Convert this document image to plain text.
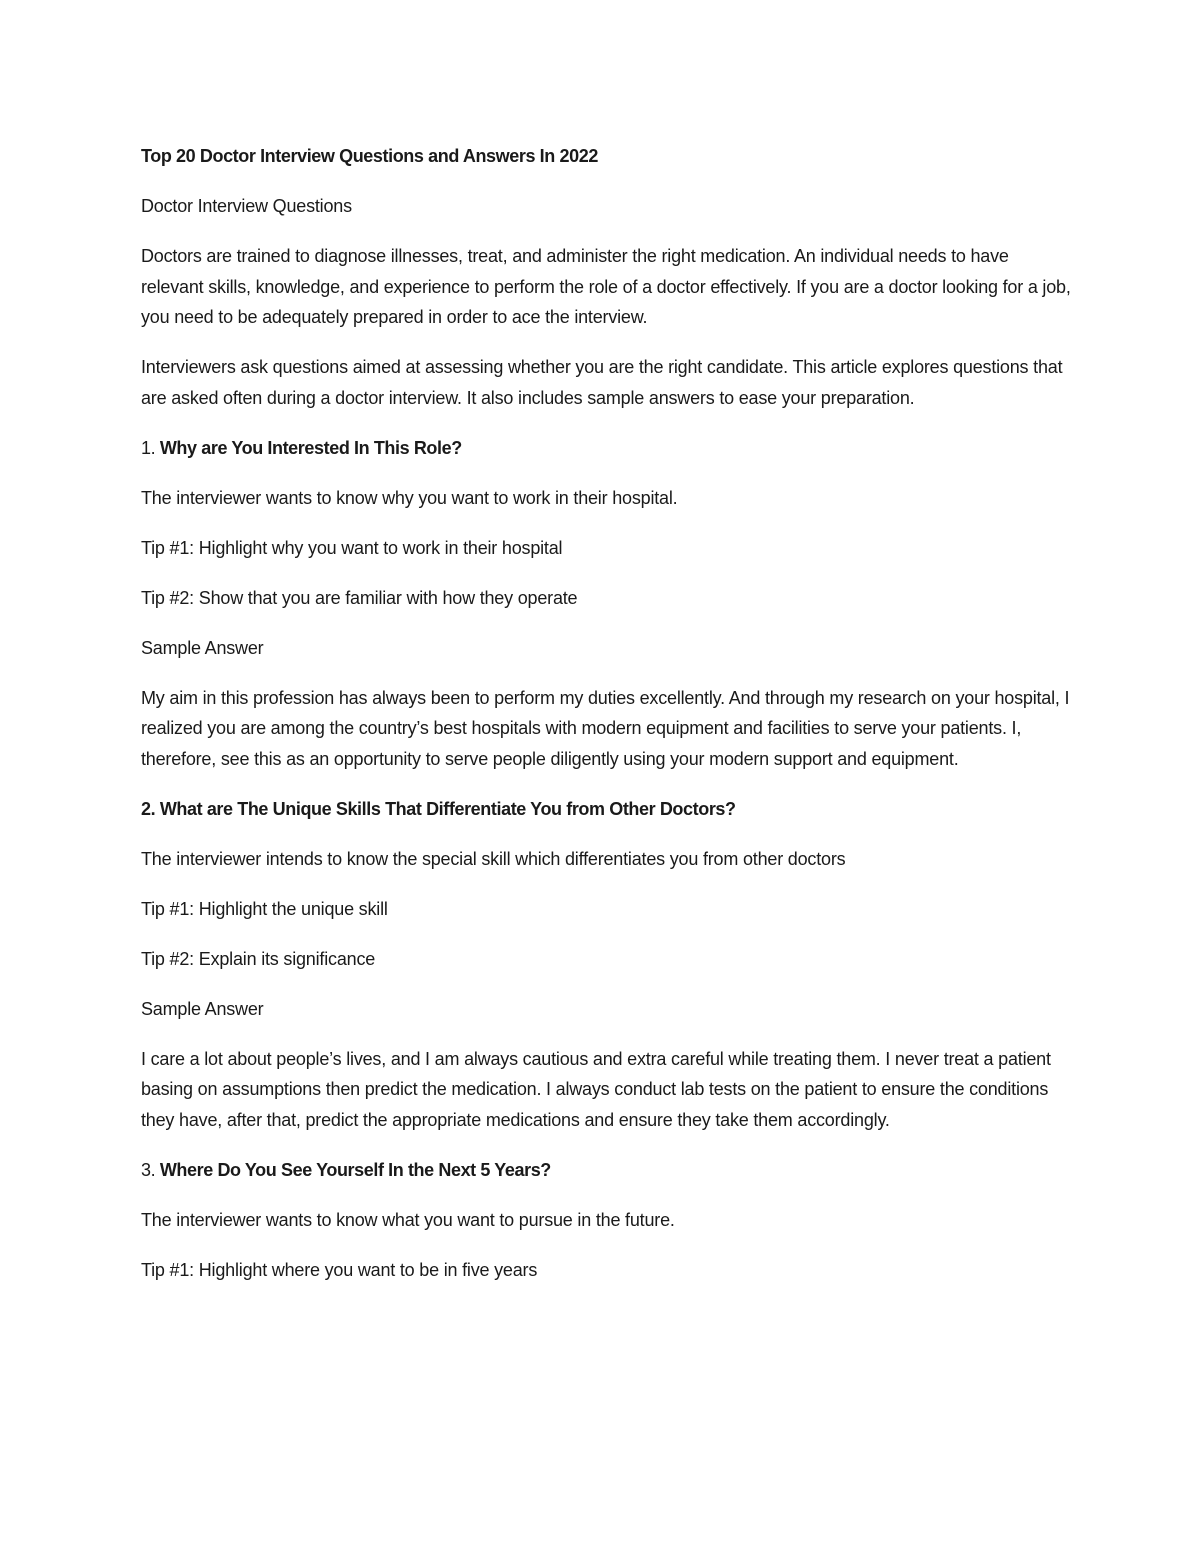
Top 20 Doctor Interview Questions and Answers In 2022

Doctor Interview Questions

Doctors are trained to diagnose illnesses, treat, and administer the right medication. An individual needs to have relevant skills, knowledge, and experience to perform the role of a doctor effectively. If you are a doctor looking for a job, you need to be adequately prepared in order to ace the interview.

Interviewers ask questions aimed at assessing whether you are the right candidate. This article explores questions that are asked often during a doctor interview. It also includes sample answers to ease your preparation.

1. Why are You Interested In This Role?

The interviewer wants to know why you want to work in their hospital.

Tip #1: Highlight why you want to work in their hospital

Tip #2: Show that you are familiar with how they operate

Sample Answer

My aim in this profession has always been to perform my duties excellently. And through my research on your hospital, I realized you are among the country’s best hospitals with modern equipment and facilities to serve your patients. I, therefore, see this as an opportunity to serve people diligently using your modern support and equipment.

2. What are The Unique Skills That Differentiate You from Other Doctors?

The interviewer intends to know the special skill which differentiates you from other doctors

Tip #1: Highlight the unique skill

Tip #2: Explain its significance

Sample Answer

I care a lot about people’s lives, and I am always cautious and extra careful while treating them. I never treat a patient basing on assumptions then predict the medication. I always conduct lab tests on the patient to ensure the conditions they have, after that, predict the appropriate medications and ensure they take them accordingly.

3. Where Do You See Yourself In the Next 5 Years?

The interviewer wants to know what you want to pursue in the future.

Tip #1: Highlight where you want to be in five years
